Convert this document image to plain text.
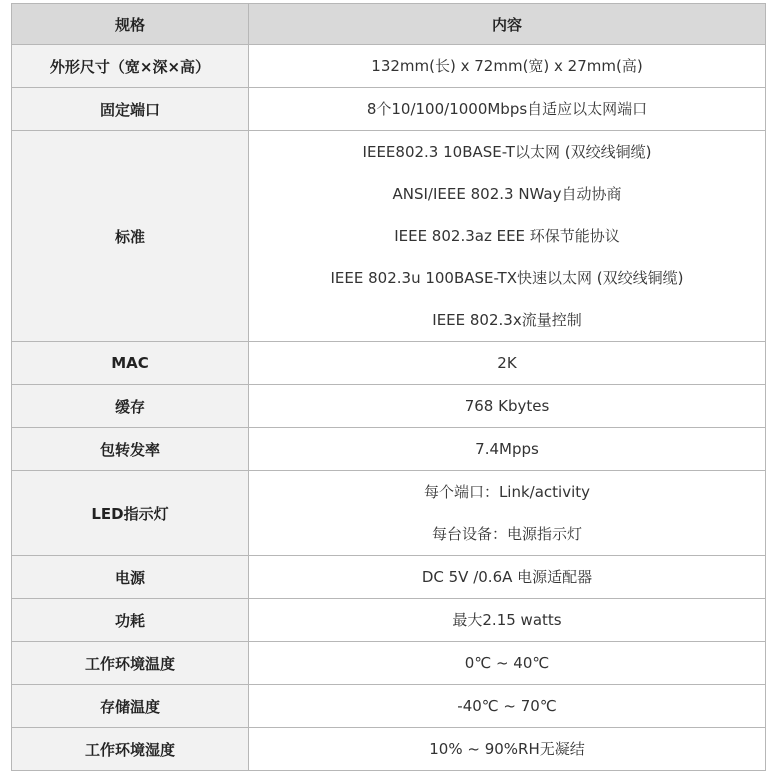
规格	内容
外形尺寸（宽×深×高）	132mm(长) x 72mm(宽) x 27mm(高)

固定端口	8个10/100/1000Mbps自适应以太网端口

标准	IEEE802.3 10BASE-T以太网 (双绞线铜缆)
ANSI/IEEE 802.3 NWay自动协商
IEEE 802.3az EEE 环保节能协议
IEEE 802.3u 100BASE-TX快速以太网 (双绞线铜缆)
IEEE 802.3x流量控制

MAC	2K

缓存	768 Kbytes

包转发率	7.4Mpps

LED指示灯	每个端口：Link/activity
每台设备：电源指示灯

电源	DC 5V /0.6A 电源适配器

功耗	最大2.15 watts

工作环境温度	0℃ ~ 40℃

存储温度	-40℃ ~ 70℃

工作环境湿度	10% ~ 90%RH无凝结
